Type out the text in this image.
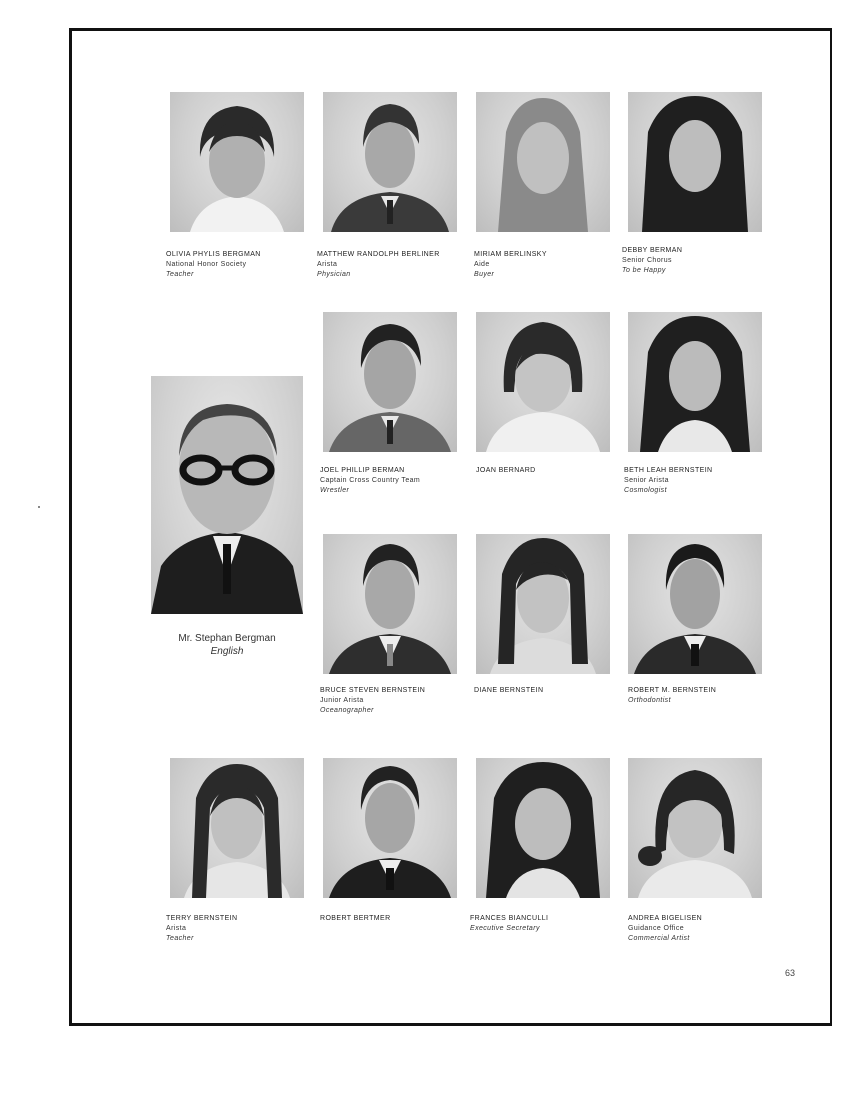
OLIVIA PHYLIS BERGMAN
National Honor Society
Teacher
MATTHEW RANDOLPH BERLINER
Arista
Physician
MIRIAM BERLINSKY
Aide
Buyer
DEBBY BERMAN
Senior Chorus
To be Happy
JOEL PHILLIP BERMAN
Captain Cross Country Team
Wrestler
JOAN BERNARD	BETH LEAH BERNSTEIN
Senior Arista
Cosmologist
Mr. Stephan Bergman
English
BRUCE STEVEN BERNSTEIN
Junior Arista
Oceanographer
DIANE BERNSTEIN	ROBERT M. BERNSTEIN
Orthodontist
TERRY BERNSTEIN
Arista
Teacher
ROBERT BERTMER	FRANCES BIANCULLI
Executive Secretary
ANDREA BIGELISEN
Guidance Office
Commercial Artist
63
